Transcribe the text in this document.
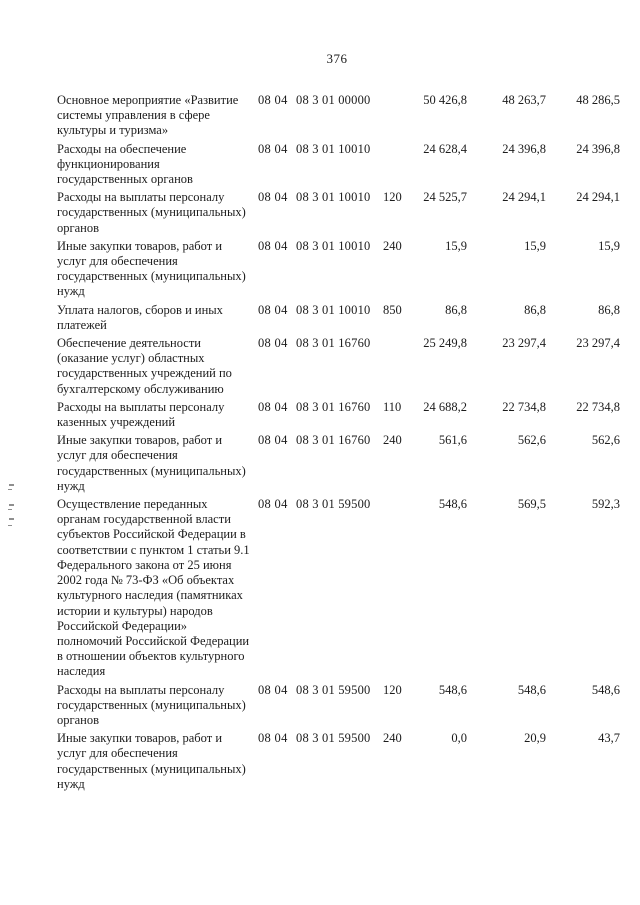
376
Основное мероприятие «Развитие системы управления в сфере культуры и туризма»
08 04 08 3 01 00000	50 426,8	48 263,7	48 286,5
Расходы на обеспечение функционирования государственных органов
08 04 08 3 01 10010	24 628,4	24 396,8	24 396,8
Расходы на выплаты персоналу государственных (муниципальных) органов
08 04 08 3 01 10010	120	24 525,7	24 294,1	24 294,1
Иные закупки товаров, работ и услуг для обеспечения государственных (муниципальных) нужд
08 04 08 3 01 10010	240	15,9	15,9	15,9
Уплата налогов, сборов и иных платежей
08 04 08 3 01 10010	850	86,8	86,8	86,8
Обеспечение деятельности (оказание услуг) областных государственных учреждений по бухгалтерскому обслуживанию
08 04 08 3 01 16760	25 249,8	23 297,4	23 297,4
Расходы на выплаты персоналу казенных учреждений
08 04 08 3 01 16760	110	24 688,2	22 734,8	22 734,8
Иные закупки товаров, работ и услуг для обеспечения государственных (муниципальных) нужд
08 04 08 3 01 16760	240	561,6	562,6	562,6
Осуществление переданных органам государственной власти субъектов Российской Федерации в соответствии с пунктом 1 статьи 9.1 Федерального закона от 25 июня 2002 года № 73-ФЗ «Об объектах культурного наследия (памятниках истории и культуры) народов Российской Федерации» полномочий Российской Федерации в отношении объектов культурного наследия
08 04 08 3 01 59500	548,6	569,5	592,3
Расходы на выплаты персоналу государственных (муниципальных) органов
08 04 08 3 01 59500	120	548,6	548,6	548,6
Иные закупки товаров, работ и услуг для обеспечения государственных (муниципальных) нужд
08 04 08 3 01 59500	240	0,0	20,9	43,7
